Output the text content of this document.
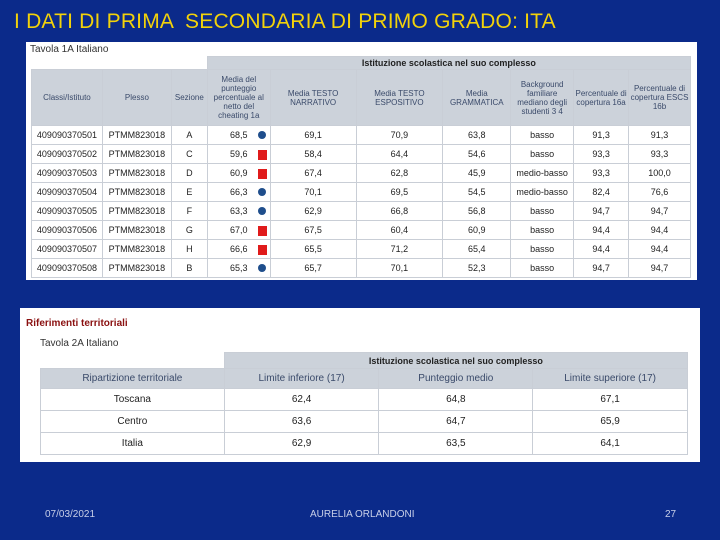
I DATI DI PRIMA  SECONDARIA DI PRIMO GRADO: ITA
Tavola 1A Italiano
			Istituzione scolastica nel suo complesso						
Classi/Istituto	Plesso	Sezione	Media del punteggio percentuale al netto del cheating 1a	Media TESTO NARRATIVO	Media TESTO ESPOSITIVO	Media GRAMMATICA	Background familiare mediano degli studenti 3 4	Percentuale di copertura 16a	Percentuale di copertura ESCS 16b
409090370501	PTMM823018	A	68,5	69,1	70,9	63,8	basso	91,3	91,3
409090370502	PTMM823018	C	59,6	58,4	64,4	54,6	basso	93,3	93,3
409090370503	PTMM823018	D	60,9	67,4	62,8	45,9	medio-basso	93,3	100,0
409090370504	PTMM823018	E	66,3	70,1	69,5	54,5	medio-basso	82,4	76,6
409090370505	PTMM823018	F	63,3	62,9	66,8	56,8	basso	94,7	94,7
409090370506	PTMM823018	G	67,0	67,5	60,4	60,9	basso	94,4	94,4
409090370507	PTMM823018	H	66,6	65,5	71,2	65,4	basso	94,4	94,4
409090370508	PTMM823018	B	65,3	65,7	70,1	52,3	basso	94,7	94,7
Riferimenti territoriali
Tavola 2A Italiano
	Istituzione scolastica nel suo complesso		
Ripartizione territoriale	Limite inferiore (17)	Punteggio medio	Limite superiore (17)
Toscana	62,4	64,8	67,1
Centro	63,6	64,7	65,9
Italia	62,9	63,5	64,1
07/03/2021	AURELIA ORLANDONI	27
